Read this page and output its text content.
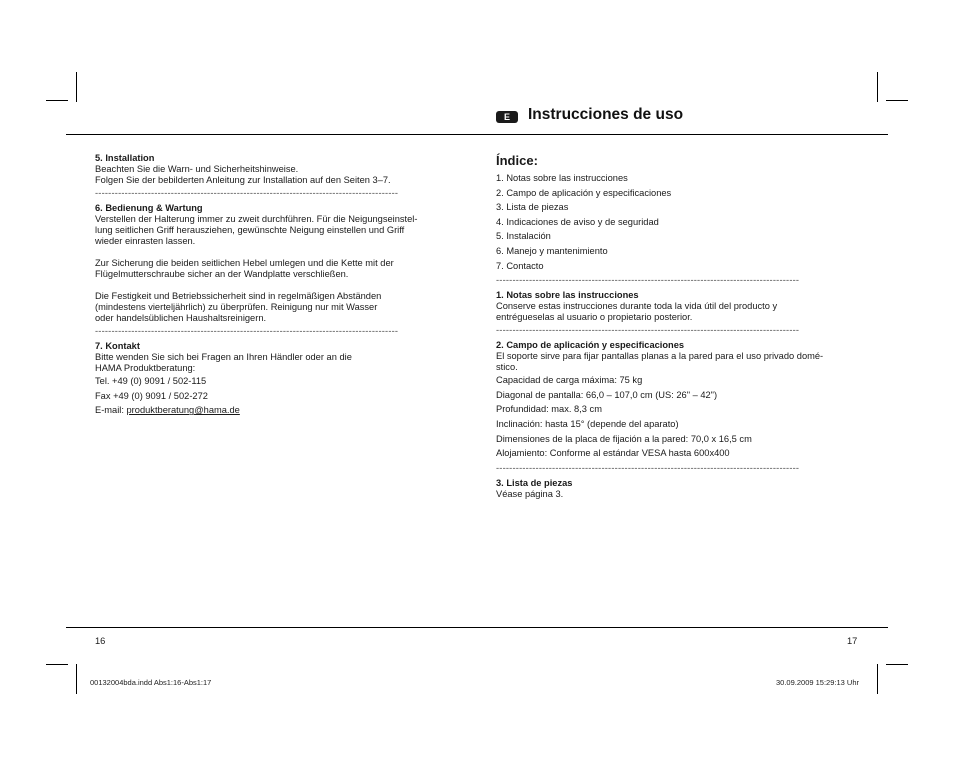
E	Instrucciones de uso
5. Installation

Beachten Sie die Warn- und Sicherheitshinweise.

Folgen Sie der bebilderten Anleitung zur Installation auf den Seiten 3–7.

--------------------------------------------------------------------------------------------
6. Bedienung & Wartung

Verstellen der Halterung immer zu zweit durchführen. Für die Neigungseinstel-

lung seitlichen Griff herausziehen, gewünschte Neigung einstellen und Griff

wieder einrasten lassen.

Zur Sicherung die beiden seitlichen Hebel umlegen und die Kette mit der

Flügelmutterschraube sicher an der Wandplatte verschließen.

Die Festigkeit und Betriebssicherheit sind in regelmäßigen Abständen

(mindestens vierteljährlich) zu überprüfen. Reinigung nur mit Wasser

oder handelsüblichen Haushaltsreinigern.

--------------------------------------------------------------------------------------------
7. Kontakt

Bitte wenden Sie sich bei Fragen an Ihren Händler oder an die

HAMA Produktberatung:

Tel. +49 (0) 9091 / 502-115
Fax +49 (0) 9091 / 502-272
E-mail: produktberatung@hama.de
Índice:
1. Notas sobre las instrucciones
2. Campo de aplicación y especificaciones
3. Lista de piezas
4. Indicaciones de aviso y de seguridad
5. Instalación
6. Manejo y mantenimiento
7. Contacto
--------------------------------------------------------------------------------------------
1. Notas sobre las instrucciones

Conserve estas instrucciones durante toda la vida útil del producto y

entrégueselas al usuario o propietario posterior.

--------------------------------------------------------------------------------------------
2. Campo de aplicación y especificaciones

El soporte sirve para fijar pantallas planas a la pared para el uso privado domé-

stico.

Capacidad de carga máxima: 75 kg
Diagonal de pantalla: 66,0 – 107,0 cm (US: 26" – 42")
Profundidad: max. 8,3 cm
Inclinación: hasta 15° (depende del aparato)
Dimensiones de la placa de fijación a la pared: 70,0 x 16,5 cm
Alojamiento: Conforme al estándar VESA hasta 600x400
--------------------------------------------------------------------------------------------
3. Lista de piezas

Véase página 3.

16	17
00132004bda.indd Abs1:16-Abs1:17	30.09.2009 15:29:13 Uhr
